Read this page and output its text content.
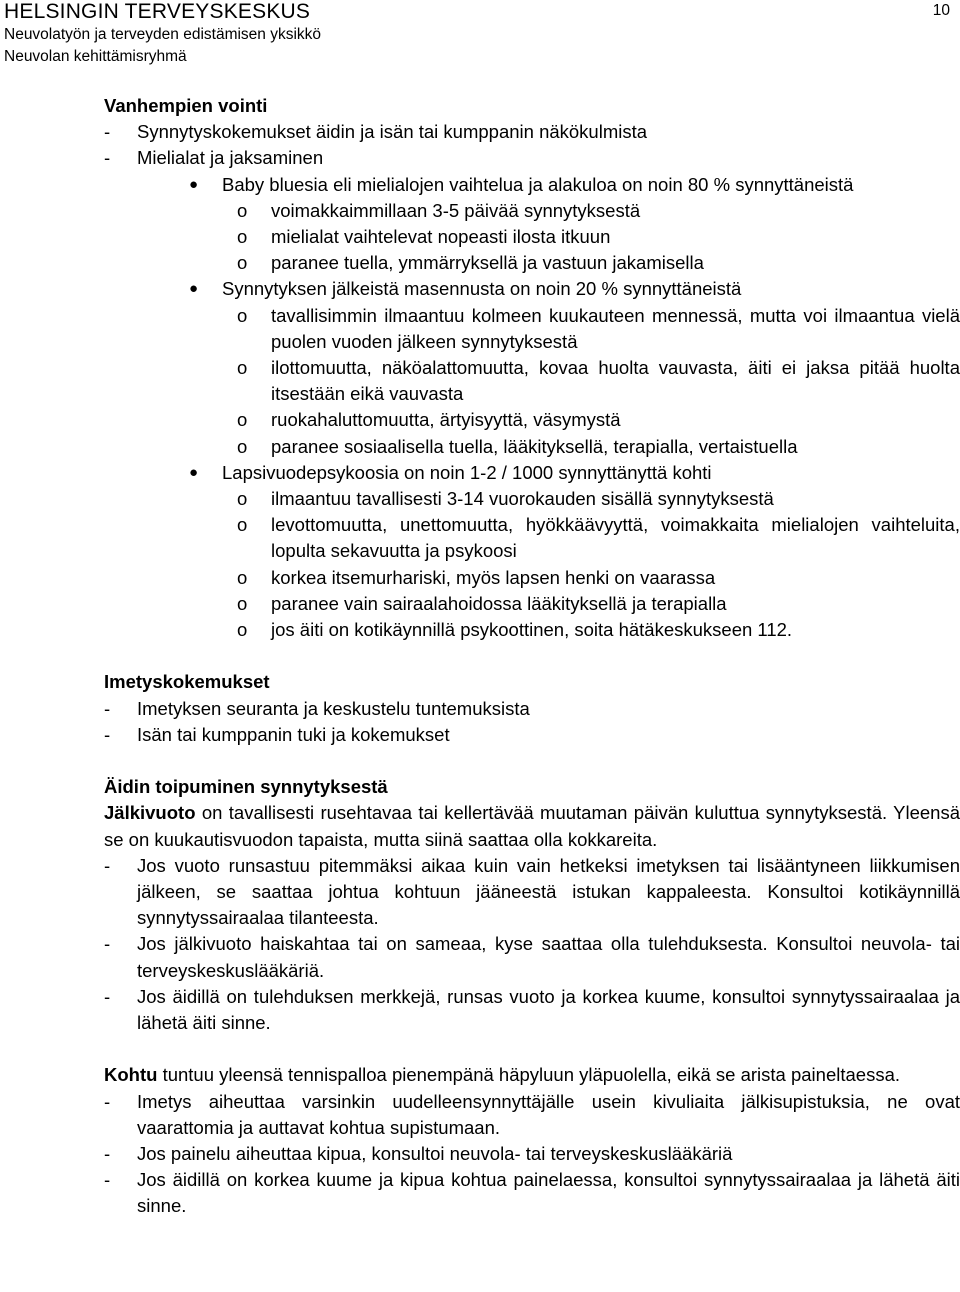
HELSINGIN TERVEYSKESKUS
Neuvolatyön ja terveyden edistämisen yksikkö
Neuvolan kehittämisryhmä
10
Vanhempien vointi
- Synnytyskokemukset äidin ja isän tai kumppanin näkökulmista
- Mielialat ja jaksaminen
● Baby bluesia eli mielialojen vaihtelua ja alakuloa on noin 80 % synnyttäneistä
o voimakkaimmillaan 3-5 päivää synnytyksestä
o mielialat vaihtelevat nopeasti ilosta itkuun
o paranee tuella, ymmärryksellä ja vastuun jakamisella
● Synnytyksen jälkeistä masennusta on noin 20 % synnyttäneistä
o tavallisimmin ilmaantuu kolmeen kuukauteen mennessä, mutta voi ilmaantua vielä puolen vuoden jälkeen synnytyksestä
o ilottomuutta, näköalattomuutta, kovaa huolta vauvasta, äiti ei jaksa pitää huolta itsestään eikä vauvasta
o ruokahaluttomuutta, ärtyisyyttä, väsymystä
o paranee sosiaalisella tuella, lääkityksellä, terapialla, vertaistuella
● Lapsivuodepsykoosia on noin 1-2 / 1000 synnyttänyttä kohti
o ilmaantuu tavallisesti 3-14 vuorokauden sisällä synnytyksestä
o levottomuutta, unettomuutta, hyökkäävyyttä, voimakkaita mielialojen vaihteluita, lopulta sekavuutta ja psykoosi
o korkea itsemurhariski, myös lapsen henki on vaarassa
o paranee vain sairaalahoidossa lääkityksellä ja terapialla
o jos äiti on kotikäynnillä psykoottinen, soita hätäkeskukseen 112.
Imetyskokemukset
- Imetyksen seuranta ja keskustelu tuntemuksista
- Isän tai kumppanin tuki ja kokemukset
Äidin toipuminen synnytyksestä

Jälkivuoto on tavallisesti rusehtavaa tai kellertävää muutaman päivän kuluttua synnytyksestä. Yleensä se on kuukautisvuodon tapaista, mutta siinä saattaa olla kokkareita.

- Jos vuoto runsastuu pitemmäksi aikaa kuin vain hetkeksi imetyksen tai lisääntyneen liikkumisen jälkeen, se saattaa johtua kohtuun jääneestä istukan kappaleesta. Konsultoi kotikäynnillä synnytyssairaalaa tilanteesta.
- Jos jälkivuoto haiskahtaa tai on sameaa, kyse saattaa olla tulehduksesta. Konsultoi neuvola- tai terveyskeskuslääkäriä.
- Jos äidillä on tulehduksen merkkejä, runsas vuoto ja korkea kuume, konsultoi synnytyssairaalaa ja lähetä äiti sinne.

Kohtu tuntuu yleensä tennispalloa pienempänä häpyluun yläpuolella, eikä se arista paineltaessa.

- Imetys aiheuttaa varsinkin uudelleensynnyttäjälle usein kivuliaita jälkisupistuksia, ne ovat vaarattomia ja auttavat kohtua supistumaan.
- Jos painelu aiheuttaa kipua, konsultoi neuvola- tai terveyskeskuslääkäriä
- Jos äidillä on korkea kuume ja kipua kohtua painelaessa, konsultoi synnytyssairaalaa ja lähetä äiti sinne.
